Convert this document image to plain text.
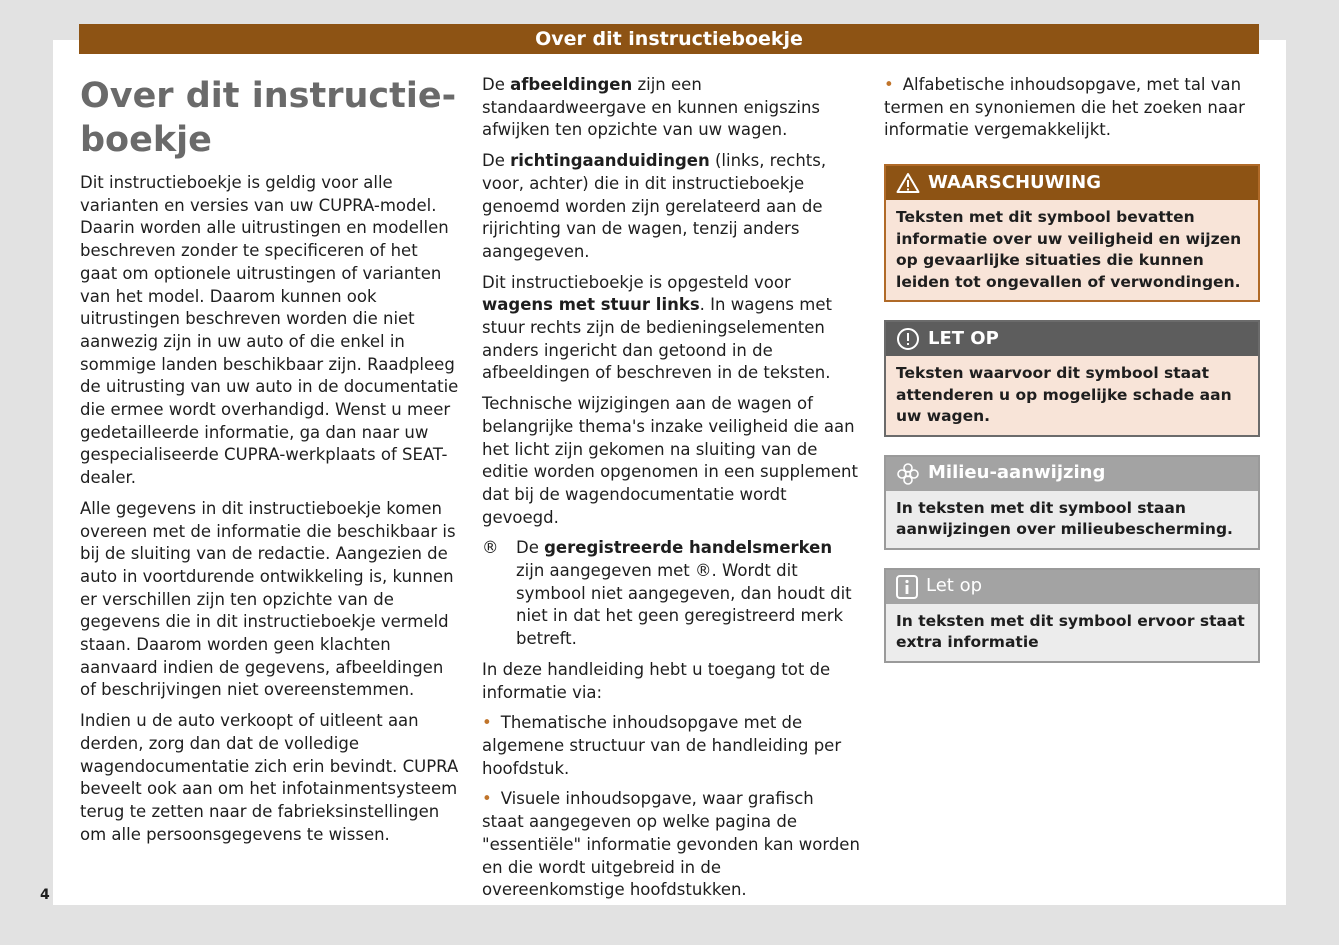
Over dit instructieboekje
Over dit instructie-
boekje

Dit instructieboekje is geldig voor alle varianten en versies van uw CUPRA-model. Daarin worden alle uitrustingen en modellen beschreven zonder te specificeren of het gaat om optionele uitrustingen of varianten van het model. Daarom kunnen ook uitrustingen beschreven worden die niet aanwezig zijn in uw auto of die enkel in sommige landen beschikbaar zijn. Raadpleeg de uitrusting van uw auto in de documentatie die ermee wordt overhandigd. Wenst u meer gedetailleerde informatie, ga dan naar uw gespecialiseerde CUPRA-werkplaats of SEAT-dealer.

Alle gegevens in dit instructieboekje komen overeen met de informatie die beschikbaar is bij de sluiting van de redactie. Aangezien de auto in voortdurende ontwikkeling is, kunnen er verschillen zijn ten opzichte van de gegevens die in dit instructieboekje vermeld staan. Daarom worden geen klachten aanvaard indien de gegevens, afbeeldingen of beschrijvingen niet overeenstemmen.

Indien u de auto verkoopt of uitleent aan derden, zorg dan dat de volledige wagendocumentatie zich erin bevindt. CUPRA beveelt ook aan om het infotainmentsysteem terug te zetten naar de fabrieksinstellingen om alle persoonsgegevens te wissen.

De afbeeldingen zijn een standaardweergave en kunnen enigszins afwijken ten opzichte van uw wagen.

De richtingaanduidingen (links, rechts, voor, achter) die in dit instructieboekje genoemd worden zijn gerelateerd aan de rijrichting van de wagen, tenzij anders aangegeven.

Dit instructieboekje is opgesteld voor wagens met stuur links. In wagens met stuur rechts zijn de bedieningselementen anders ingericht dan getoond in de afbeeldingen of beschreven in de teksten.

Technische wijzigingen aan de wagen of belangrijke thema's inzake veiligheid die aan het licht zijn gekomen na sluiting van de editie worden opgenomen in een supplement dat bij de wagendocumentatie wordt gevoegd.

®	De geregistreerde handelsmerken zijn aangegeven met ®. Wordt dit symbool niet aangegeven, dan houdt dit niet in dat het geen geregistreerd merk betreft.

In deze handleiding hebt u toegang tot de informatie via:

• Thematische inhoudsopgave met de algemene structuur van de handleiding per hoofdstuk.

• Visuele inhoudsopgave, waar grafisch staat aangegeven op welke pagina de "essentiële" informatie gevonden kan worden en die wordt uitgebreid in de overeenkomstige hoofdstukken.

• Alfabetische inhoudsopgave, met tal van termen en synoniemen die het zoeken naar informatie vergemakkelijkt.

WAARSCHUWING
Teksten met dit symbool bevatten informatie over uw veiligheid en wijzen op gevaarlijke situaties die kunnen leiden tot ongevallen of verwondingen.
LET OP
Teksten waarvoor dit symbool staat attenderen u op mogelijke schade aan uw wagen.
Milieu-aanwijzing
In teksten met dit symbool staan aanwijzingen over milieubescherming.
Let op
In teksten met dit symbool ervoor staat extra informatie
4
